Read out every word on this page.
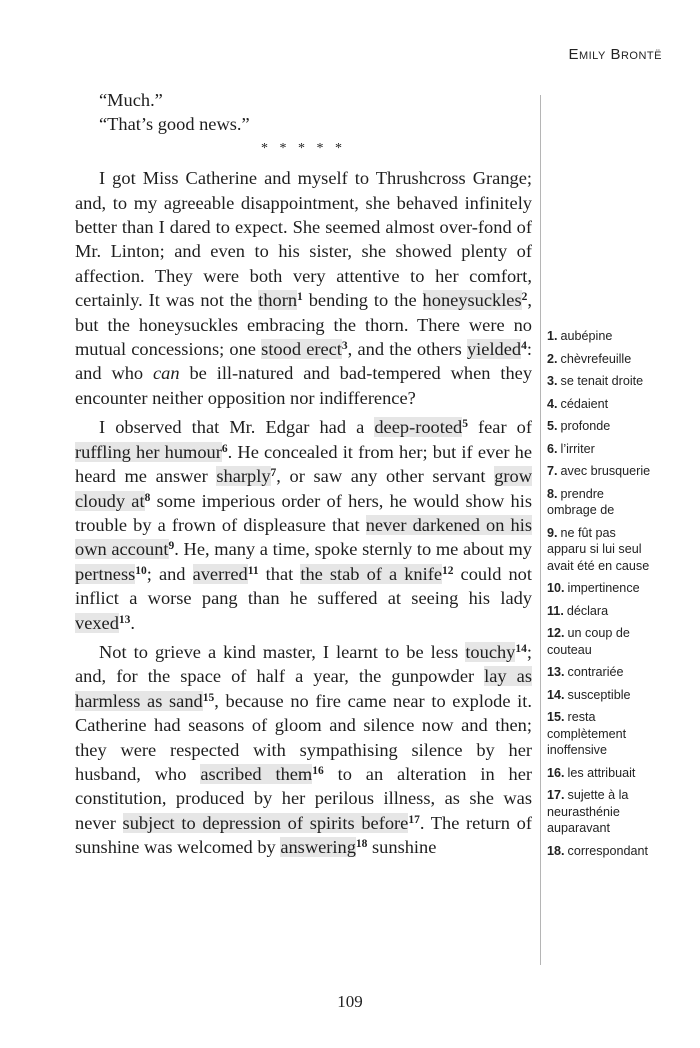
Emily Brontë

“Much.”

“That’s good news.”

* * * * *

I got Miss Catherine and myself to Thrushcross Grange; and, to my agreeable disappointment, she behaved infinitely better than I dared to expect. She seemed almost over-fond of Mr. Linton; and even to his sister, she showed plenty of affection. They were both very attentive to her comfort, certainly. It was not the thorn$^1$ bending to the honeysuckles$^2$, but the honeysuckles embracing the thorn. There were no mutual concessions; one stood erect$^3$, and the others yielded$^4$: and who can be ill-natured and bad-tempered when they encounter neither opposition nor indifference?

I observed that Mr. Edgar had a deep-rooted$^5$ fear of ruffling her humour$^6$. He concealed it from her; but if ever he heard me answer sharply$^7$, or saw any other servant grow cloudy $at^8$ some imperious order of hers, he would show his trouble by a frown of displeasure that never darkened on his own account$^9$. He, many a time, spoke sternly to me about my pertness$^{10}$; and averred$^{11}$ that the stab of a knife$^{12}$ could not inflict a worse pang than he suffered at seeing his lady vexed$^{13}$.

Not to grieve a kind master, I learnt to be less touchy$^{14}$; and, for the space of half a year, the gunpowder lay as harmless as sand$^{15}$, because no fire came near to explode it. Catherine had seasons of gloom and silence now and then; they were respected with sympathising silence by her husband, who ascribed them$^{16}$ to an alteration in her constitution, produced by her perilous illness, as she was never subject to depression of spirits before$^{17}$. The return of sunshine was welcomed by answering$^{18}$ sunshine

1. aubépine
2. chèvrefeuille
3. se tenait droite
4. cédaient
5. profonde
6. l’irriter
7. avec brusquerie
8. prendre ombrage de
9. ne fût pas apparu si lui seul avait été en cause
10. impertinence
11. déclara
12. un coup de couteau
13. contrariée
14. susceptible
15. resta complètement inoffensive
16. les attribuait
17. sujette à la neurasthénie auparavant
18. correspondant
109
